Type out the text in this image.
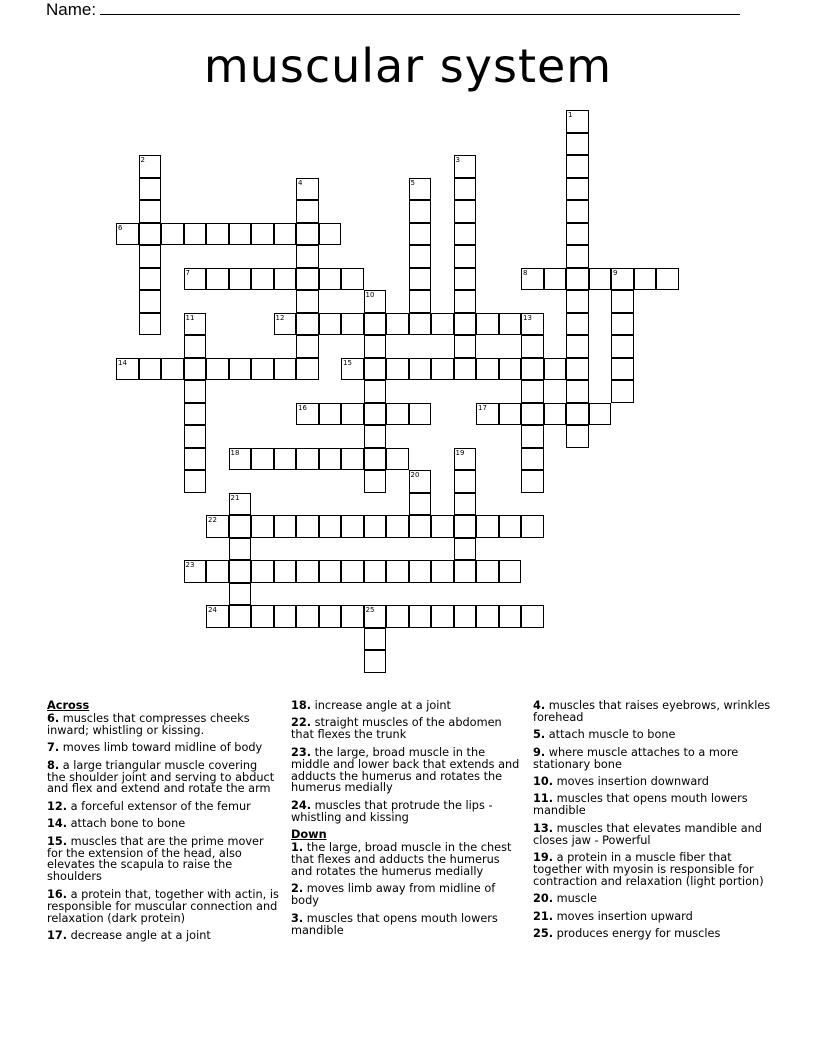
Name:
muscular system
1
2	3
4	5
6
7	8	9
10
11	12	13
14	15
16	17
18	19
20
21
22
23
24	25
Across
6. muscles that compresses cheeks inward; whistling or kissing.
7. moves limb toward midline of body
8. a large triangular muscle covering the shoulder joint and serving to abduct and flex and extend and rotate the arm
12. a forceful extensor of the femur
14. attach bone to bone
15. muscles that are the prime mover for the extension of the head, also elevates the scapula to raise the shoulders
16. a protein that, together with actin, is responsible for muscular connection and relaxation (dark protein)
17. decrease angle at a joint
18. increase angle at a joint
22. straight muscles of the abdomen that flexes the trunk
23. the large, broad muscle in the middle and lower back that extends and adducts the humerus and rotates the humerus medially
24. muscles that protrude the lips - whistling and kissing
Down
1. the large, broad muscle in the chest that flexes and adducts the humerus and rotates the humerus medially
2. moves limb away from midline of body
3. muscles that opens mouth lowers mandible
4. muscles that raises eyebrows, wrinkles forehead
5. attach muscle to bone
9. where muscle attaches to a more stationary bone
10. moves insertion downward
11. muscles that opens mouth lowers mandible
13. muscles that elevates mandible and closes jaw - Powerful
19. a protein in a muscle fiber that together with myosin is responsible for contraction and relaxation (light portion)
20. muscle
21. moves insertion upward
25. produces energy for muscles
